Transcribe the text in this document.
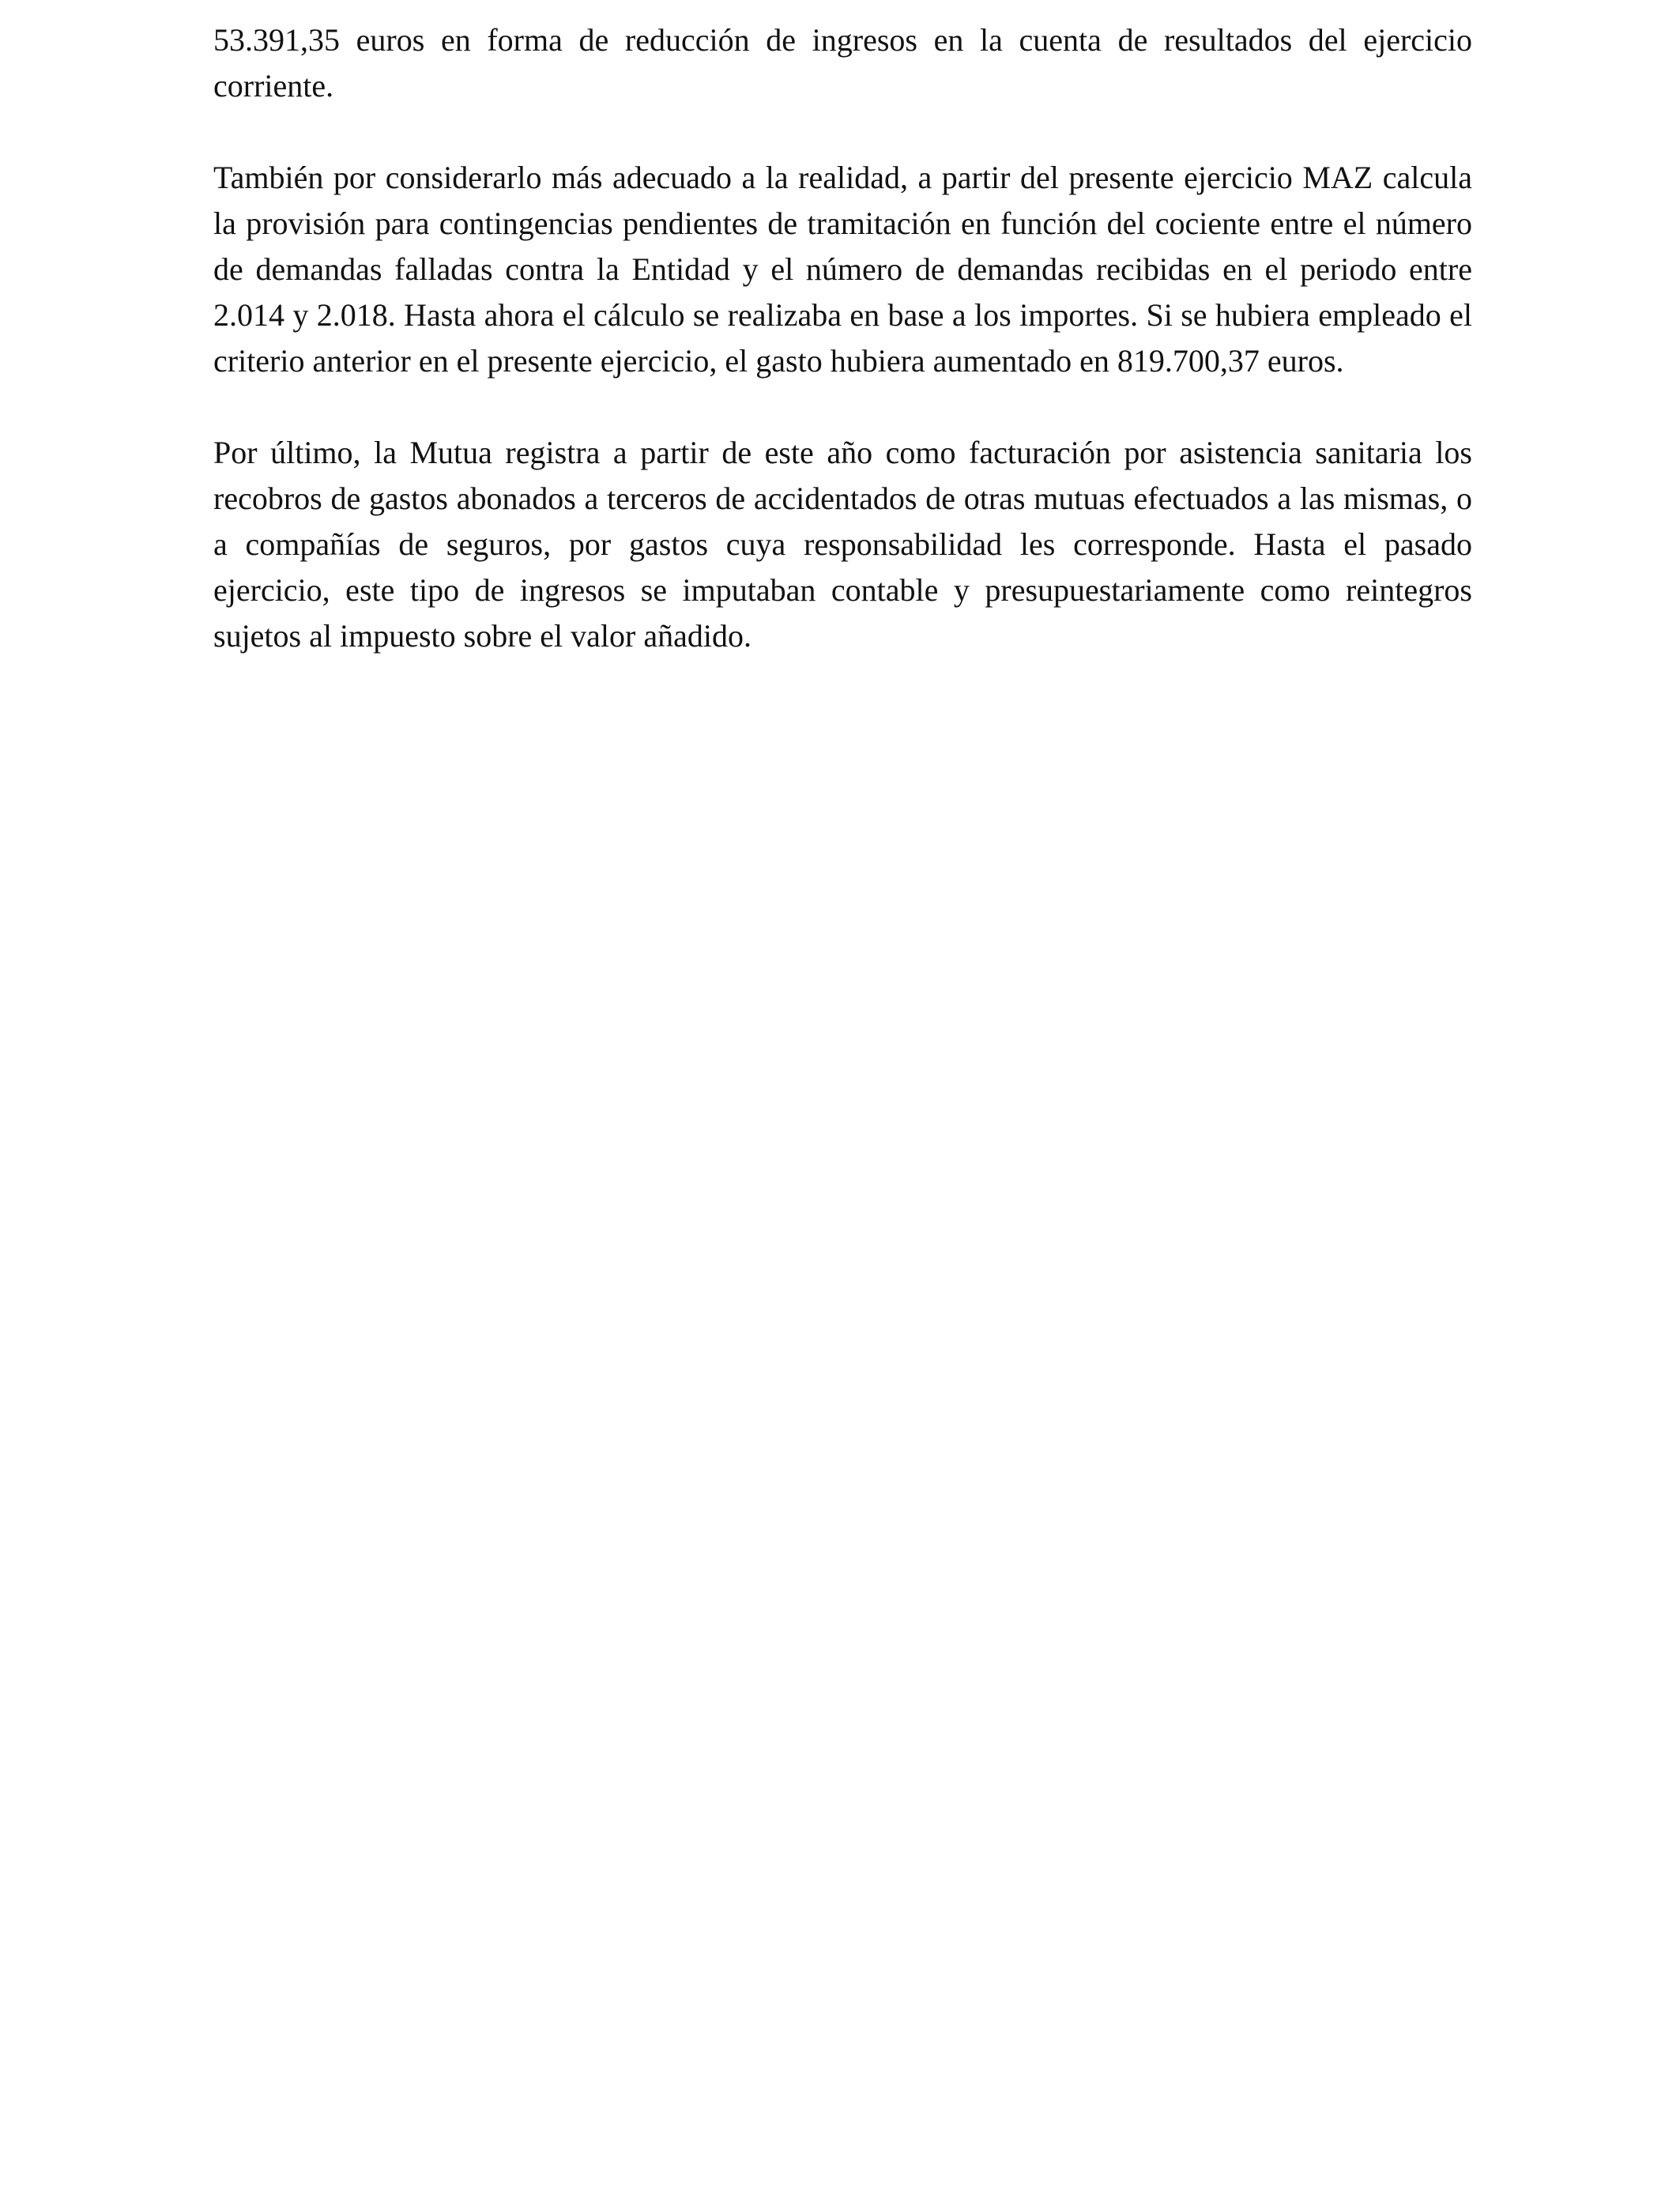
53.391,35 euros en forma de reducción de ingresos en la cuenta de resultados del ejercicio corriente.

También por considerarlo más adecuado a la realidad, a partir del presente ejercicio MAZ calcula la provisión para contingencias pendientes de tramitación en función del cociente entre el número de demandas falladas contra la Entidad y el número de demandas recibidas en el periodo entre 2.014 y 2.018. Hasta ahora el cálculo se realizaba en base a los importes. Si se hubiera empleado el criterio anterior en el presente ejercicio, el gasto hubiera aumentado en 819.700,37 euros.

Por último, la Mutua registra a partir de este año como facturación por asistencia sanitaria los recobros de gastos abonados a terceros de accidentados de otras mutuas efectuados a las mismas, o a compañías de seguros, por gastos cuya responsabilidad les corresponde. Hasta el pasado ejercicio, este tipo de ingresos se imputaban contable y presupuestariamente como reintegros sujetos al impuesto sobre el valor añadido.
